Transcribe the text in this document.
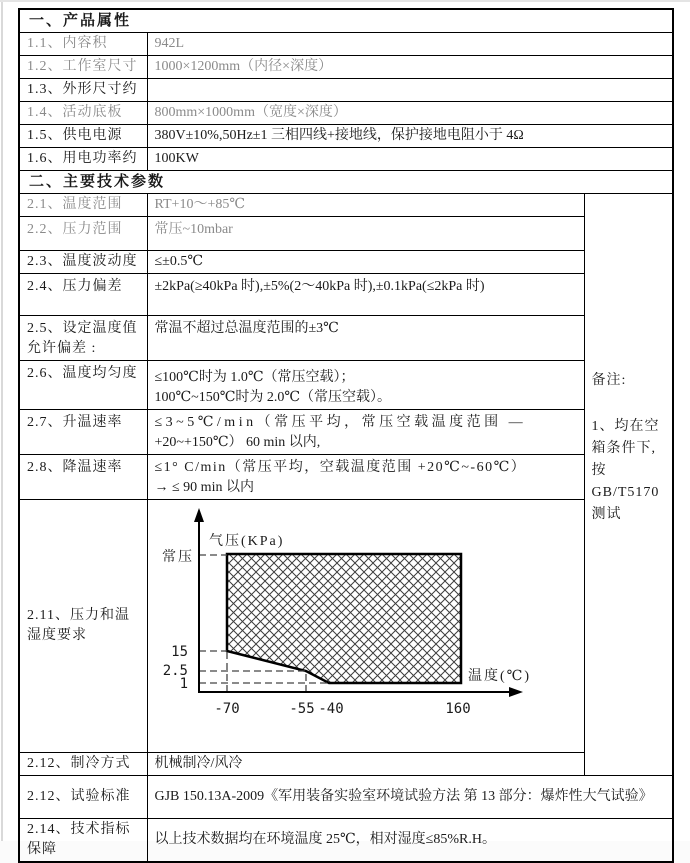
一、产品属性		
1.1、内容积	942L	
1.2、工作室尺寸	1000×1200mm（内径×深度）	
1.3、外形尺寸约		
1.4、活动底板	800mm×1000mm（宽度×深度）	
1.5、供电电源	380V±10%,50Hz±1 三相四线+接地线，保护接地电阻小于 4Ω	
1.6、用电功率约	100KW	
二、主要技术参数		
2.1、温度范围	RT+10～+85℃	
备注:
1、均在空
箱条件下,
按
GB/T5170
测试

2.2、压力范围	常压~10mbar	
2.3、温度波动度	≤±0.5℃	
2.4、压力偏差	±2kPa(≥40kPa 时),±5%(2～40kPa 时),±0.1kPa(≤2kPa 时)	

2.5、设定温度值
允许偏差 :	常温不超过总温度范围的±3℃	
2.6、温度均匀度	≤100℃时为 1.0℃（常压空载）；
100℃~150℃时为 2.0℃（常压空载）。	

2.7、升温速率	≤3~5℃/min（常压平均，常压空载温度范围 —
+20~+150℃） 60 min 以内,	

2.8、降温速率	≤1° C/min（常压平均，空载温度范围 +20℃~-60℃）
→ ≤ 90 min 以内	

2.11、压力和温
湿度要求

气压(KPa)
温度(℃)
常压
15
2.5
1
-70	-55 -40	160

2.12、制冷方式	机械制冷/风冷	
2.12、试验标准	GJB 150.13A-2009《军用装备实验室环境试验方法 第 13 部分：爆炸性大气试验》	

2.14、技术指标
保障	以上技术数据均在环境温度 25℃，相对湿度≤85%R.H。	
